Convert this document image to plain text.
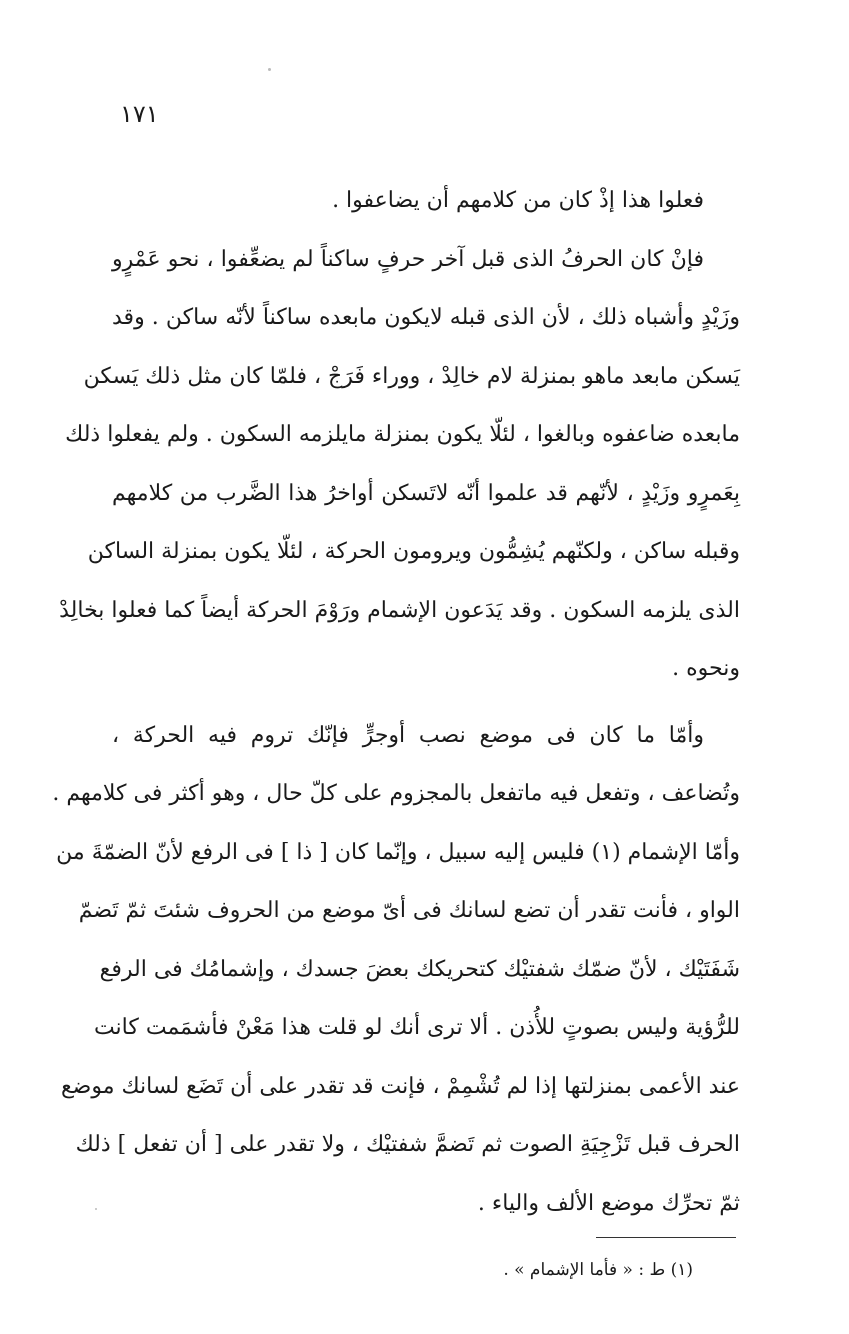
١٧١
فعلوا هذا إذْ كان من كلامهم أن يضاعفوا .
فإنْ كان الحرفُ الذى قبل آخر حرفٍ ساكناً لم يضعِّفوا ، نحو عَمْرٍو
وزَيْدٍ وأشباه ذلك ، لأن الذى قبله لايكون مابعده ساكناً لأنّه ساكن . وقد
يَسكن مابعد ماهو بمنزلة لام خالِدْ ، ووراء فَرَجْ ، فلمّا كان مثل ذلك يَسكن
مابعده ضاعفوه وبالغوا ، لئلّا يكون بمنزلة مايلزمه السكون . ولم يفعلوا ذلك
بِعَمرٍو وزَيْدٍ ، لأنّهم قد علموا أنّه لاتَسكن أواخرُ هذا الضَّرب من كلامهم
وقبله ساكن ، ولكنّهم يُشِمُّون ويرومون الحركة ، لئلّا يكون بمنزلة الساكن
الذى يلزمه السكون . وقد يَدَعون الإشمام ورَوْمَ الحركة أيضاً كما فعلوا بخالِدْ
ونحوه .
وأمّا ما كان فى موضع نصب أوجرٍّ فإنّك تروم فيه الحركة ،
وتُضاعف ، وتفعل فيه ماتفعل بالمجزوم على كلّ حال ، وهو أكثر فى كلامهم .
وأمّا الإشمام (١) فليس إليه سبيل ، وإنّما كان [ ذا ] فى الرفع لأنّ الضمّةَ من
الواو ، فأنت تقدر أن تضع لسانك فى أىّ موضع من الحروف شئتَ ثمّ تَضمّ
شَفَتَيْك ، لأنّ ضمّك شفتيْك كتحريكك بعضَ جسدك ، وإشمامُك فى الرفع
للرُّؤية وليس بصوتٍ للأُذن . ألا ترى أنك لو قلت هذا مَعْنْ فأشمَمت كانت
عند الأعمى بمنزلتها إذا لم تُشْمِمْ ، فإنت قد تقدر على أن تَضَع لسانك موضع
الحرف قبل تَزْجِيَةِ الصوت ثم تَضمَّ شفتيْك ، ولا تقدر على [ أن تفعل ] ذلك
ثمّ تحرِّك موضع الألف والياء .
(١) ط : « فأما الإشمام » .
